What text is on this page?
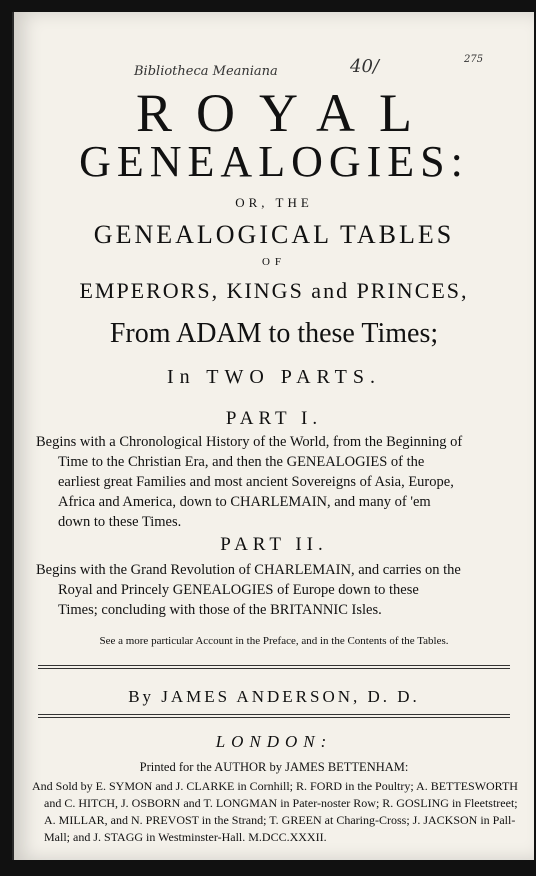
Bibliotheca Meaniana	40/	275
ROYAL
GENEALOGIES:
OR, THE
GENEALOGICAL TABLES
OF
EMPERORS, KINGS and PRINCES,
From ADAM to these Times;
In TWO PARTS.
PART I.
Begins with a Chronological History of the World, from the Beginning of
Time to the Christian Era, and then the GENEALOGIES of the
earliest great Families and most ancient Sovereigns of Asia, Europe,
Africa and America, down to CHARLEMAIN, and many of 'em
down to these Times.
PART II.
Begins with the Grand Revolution of CHARLEMAIN, and carries on the
Royal and Princely GENEALOGIES of Europe down to these
Times; concluding with those of the BRITANNIC Isles.
See a more particular Account in the Preface, and in the Contents of the Tables.
By JAMES ANDERSON, D. D.
LONDON:
Printed for the AUTHOR by JAMES BETTENHAM:
And Sold by E. SYMON and J. CLARKE in Cornhill; R. FORD in the Poultry; A. BETTESWORTH
and C. HITCH, J. OSBORN and T. LONGMAN in Pater-noster Row; R. GOSLING in Fleetstreet;
A. MILLAR, and N. PREVOST in the Strand; T. GREEN at Charing-Cross; J. JACKSON in Pall-
Mall; and J. STAGG in Westminster-Hall. M.DCC.XXXII.
